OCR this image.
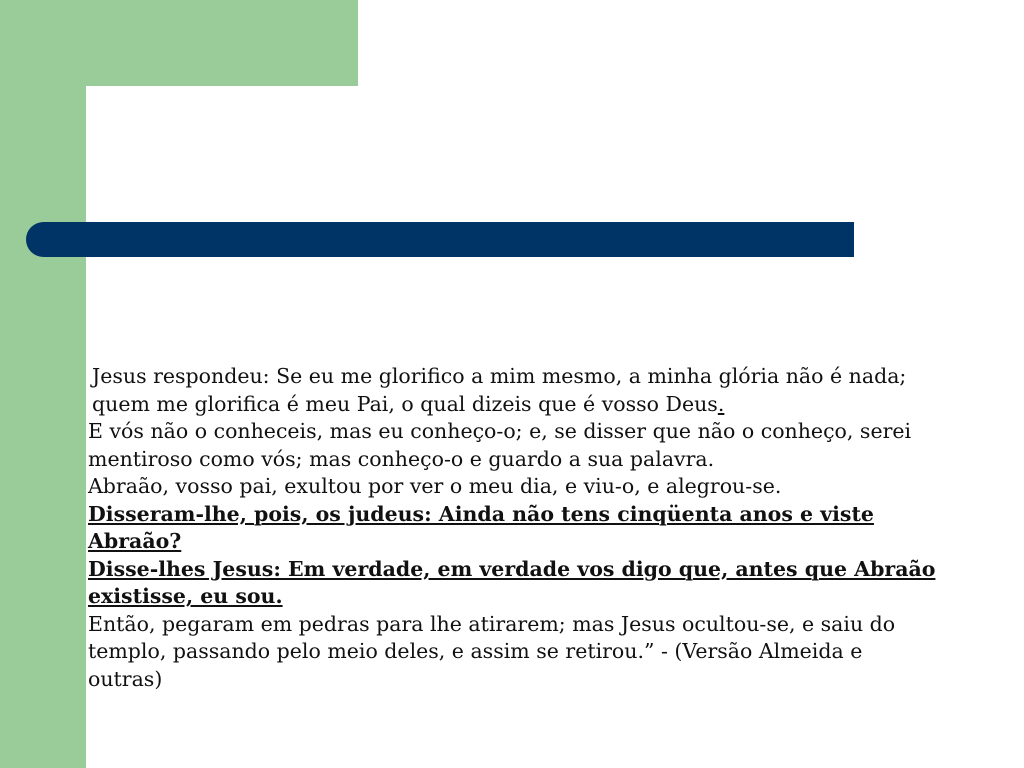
Jesus respondeu: Se eu me glorifico a mim mesmo, a minha glória não é nada; quem me glorifica é meu Pai, o qual dizeis que é vosso Deus.

E vós não o conheceis, mas eu conheço-o; e, se disser que não o conheço, serei mentiroso como vós; mas conheço-o e guardo a sua palavra.

Abraão, vosso pai, exultou por ver o meu dia, e viu-o, e alegrou-se.

Disseram-lhe, pois, os judeus: Ainda não tens cinqüenta anos e viste Abraão?

Disse-lhes Jesus: Em verdade, em verdade vos digo que, antes que Abraão existisse, eu sou.

Então, pegaram em pedras para lhe atirarem; mas Jesus ocultou-se, e saiu do templo, passando pelo meio deles, e assim se retirou.” - (Versão Almeida e outras)
